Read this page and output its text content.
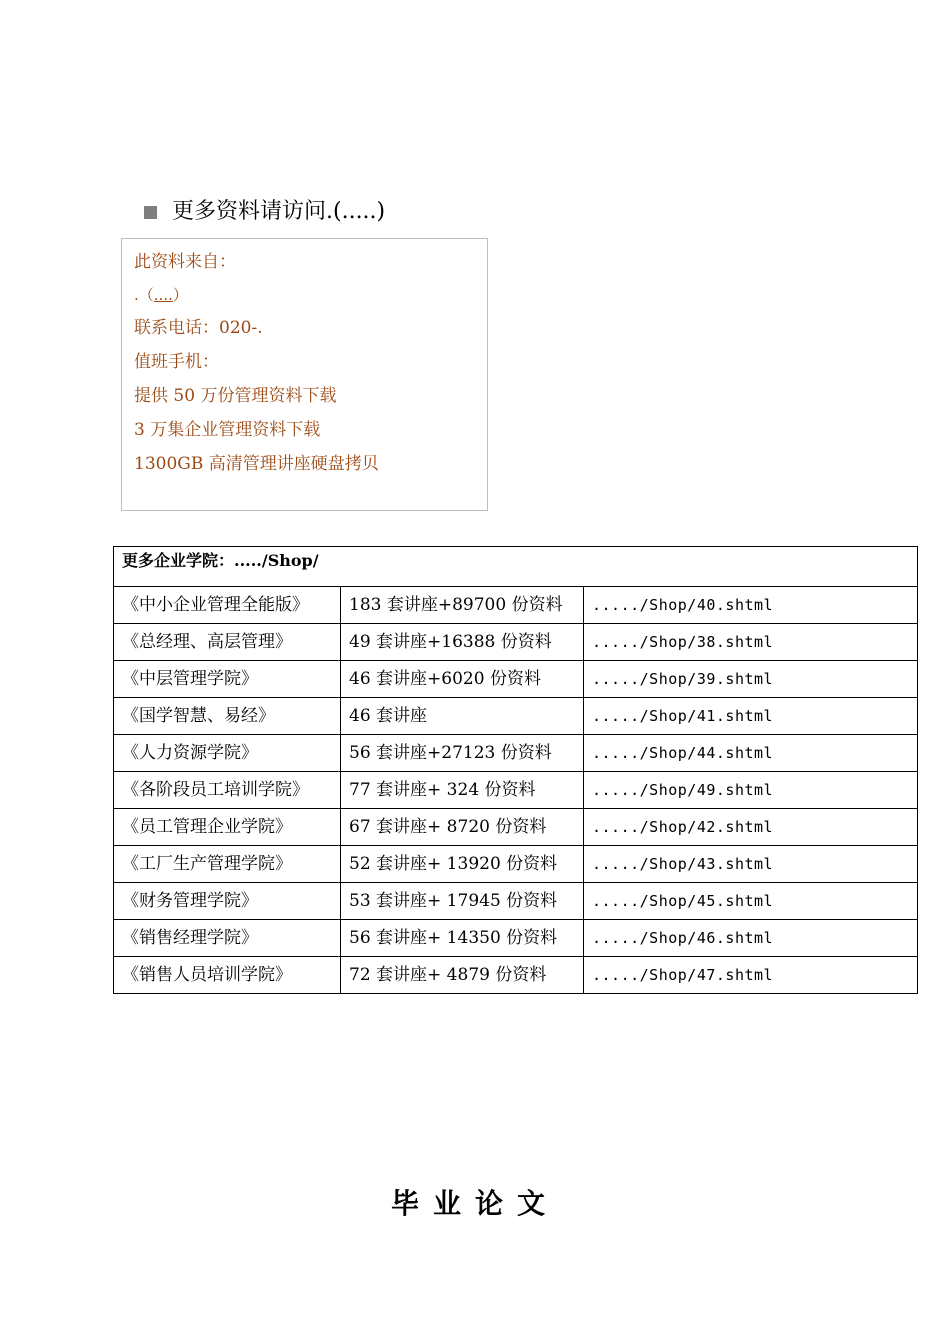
更多资料请访问.(.....)
此资料来自：
.（....）
联系电话：020-.
值班手机：
提供 50 万份管理资料下载
3 万集企业管理资料下载
1300GB 高清管理讲座硬盘拷贝
更多企业学院：...../Shop/		
《中小企业管理全能版》	183 套讲座+89700 份资料	...../Shop/40.shtml
《总经理、高层管理》	49 套讲座+16388 份资料	...../Shop/38.shtml
《中层管理学院》	46 套讲座+6020 份资料	...../Shop/39.shtml
《国学智慧、易经》	46 套讲座	...../Shop/41.shtml
《人力资源学院》	56 套讲座+27123 份资料	...../Shop/44.shtml
《各阶段员工培训学院》	77 套讲座+ 324 份资料	...../Shop/49.shtml
《员工管理企业学院》	67 套讲座+ 8720 份资料	...../Shop/42.shtml
《工厂生产管理学院》	52 套讲座+ 13920 份资料	...../Shop/43.shtml
《财务管理学院》	53 套讲座+ 17945 份资料	...../Shop/45.shtml
《销售经理学院》	56 套讲座+ 14350 份资料	...../Shop/46.shtml
《销售人员培训学院》	72 套讲座+ 4879 份资料	...../Shop/47.shtml
毕业论文
